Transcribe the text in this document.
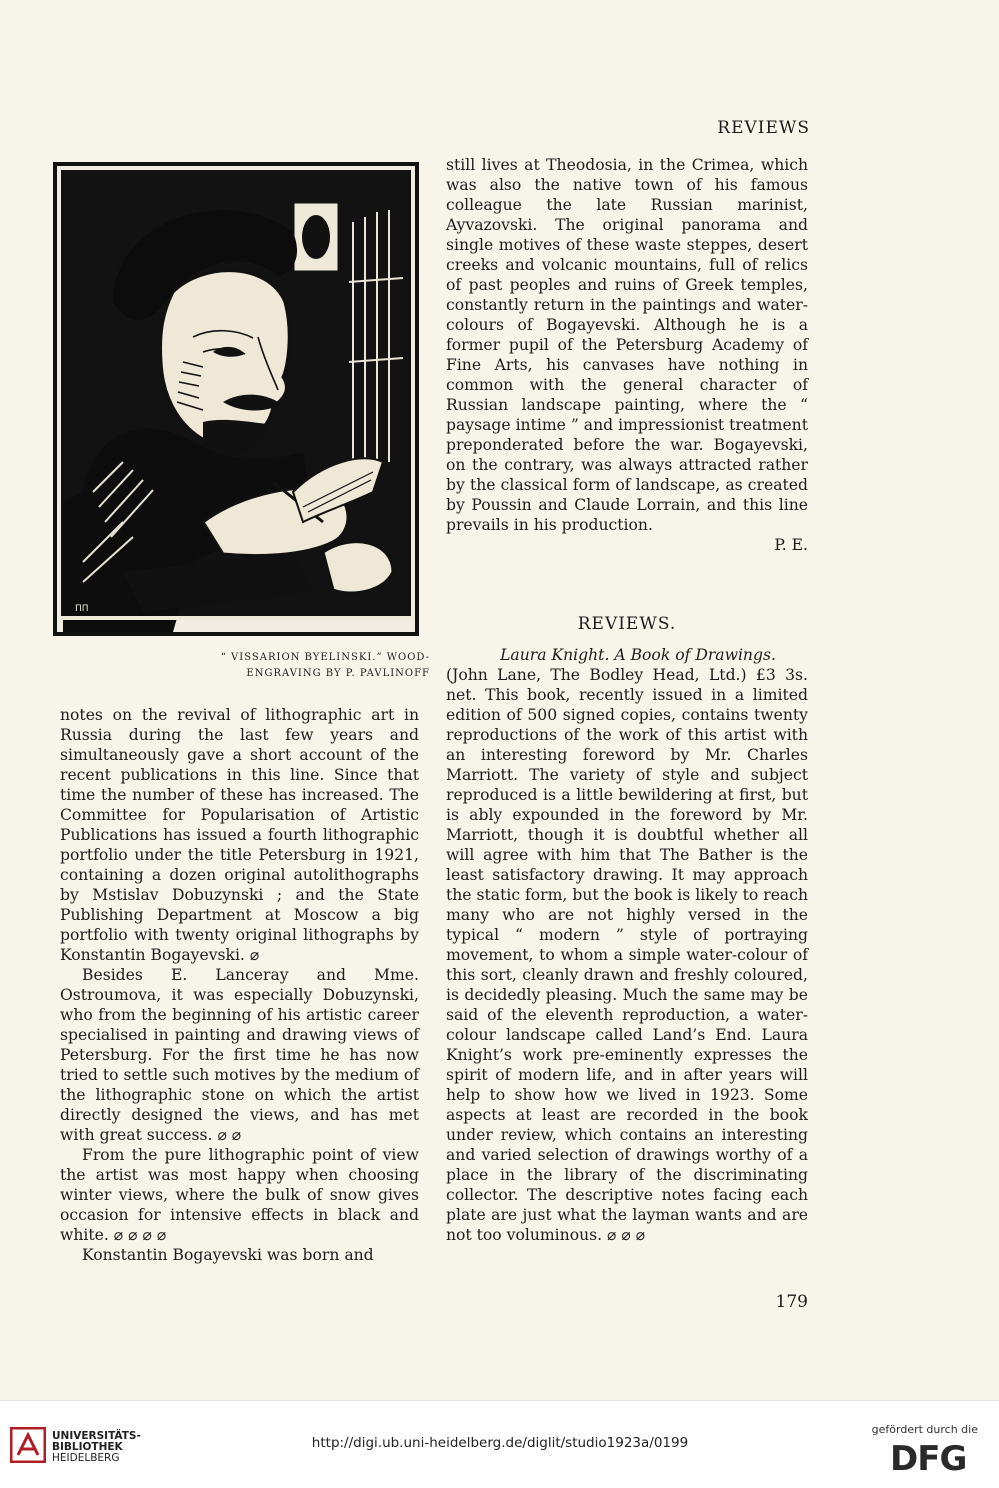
REVIEWS
ПП
“ VISSARION BYELINSKI.” WOOD-
ENGRAVING BY P. PAVLINOFF

notes on the revival of lithographic art in Russia during the last few years and simultaneously gave a short account of the recent publications in this line. Since that time the number of these has increased. The Committee for Popularisation of Artistic Publications has issued a fourth lithographic portfolio under the title Petersburg in 1921, containing a dozen original autolithographs by Mstislav Dobuzynski ; and the State Publishing Department at Moscow a big portfolio with twenty original lithographs by Konstantin Bogayevski. ⌀

Besides E. Lanceray and Mme. Ostroumova, it was especially Dobuzynski, who from the beginning of his artistic career specialised in painting and drawing views of Petersburg. For the first time he has now tried to settle such motives by the medium of the lithographic stone on which the artist directly designed the views, and has met with great success. ⌀ ⌀

From the pure lithographic point of view the artist was most happy when choosing winter views, where the bulk of snow gives occasion for intensive effects in black and white. ⌀ ⌀ ⌀ ⌀

Konstantin Bogayevski was born and

still lives at Theodosia, in the Crimea, which was also the native town of his famous colleague the late Russian marinist, Ayvazovski. The original panorama and single motives of these waste steppes, desert creeks and volcanic mountains, full of relics of past peoples and ruins of Greek temples, constantly return in the paintings and water-colours of Bogayevski. Although he is a former pupil of the Petersburg Academy of Fine Arts, his canvases have nothing in common with the general character of Russian landscape painting, where the “ paysage intime ” and impressionist treatment preponderated before the war. Bogayevski, on the contrary, was always attracted rather by the classical form of landscape, as created by Poussin and Claude Lorrain, and this line prevails in his production.

P. E.

REVIEWS.

Laura Knight. A Book of Drawings.

(John Lane, The Bodley Head, Ltd.) £3 3s. net. This book, recently issued in a limited edition of 500 signed copies, contains twenty reproductions of the work of this artist with an interesting foreword by Mr. Charles Marriott. The variety of style and subject reproduced is a little bewildering at first, but is ably expounded in the foreword by Mr. Marriott, though it is doubtful whether all will agree with him that The Bather is the least satisfactory drawing. It may approach the static form, but the book is likely to reach many who are not highly versed in the typical “ modern ” style of portraying movement, to whom a simple water-colour of this sort, cleanly drawn and freshly coloured, is decidedly pleasing. Much the same may be said of the eleventh reproduction, a water-colour landscape called Land’s End. Laura Knight’s work pre-eminently expresses the spirit of modern life, and in after years will help to show how we lived in 1923. Some aspects at least are recorded in the book under review, which contains an interesting and varied selection of drawings worthy of a place in the library of the discriminating collector. The descriptive notes facing each plate are just what the layman wants and are not too voluminous. ⌀ ⌀ ⌀

179
UNIVERSITÄTS-
BIBLIOTHEK
HEIDELBERG
http://digi.ub.uni-heidelberg.de/diglit/studio1923a/0199
gefördert durch die
DFG
